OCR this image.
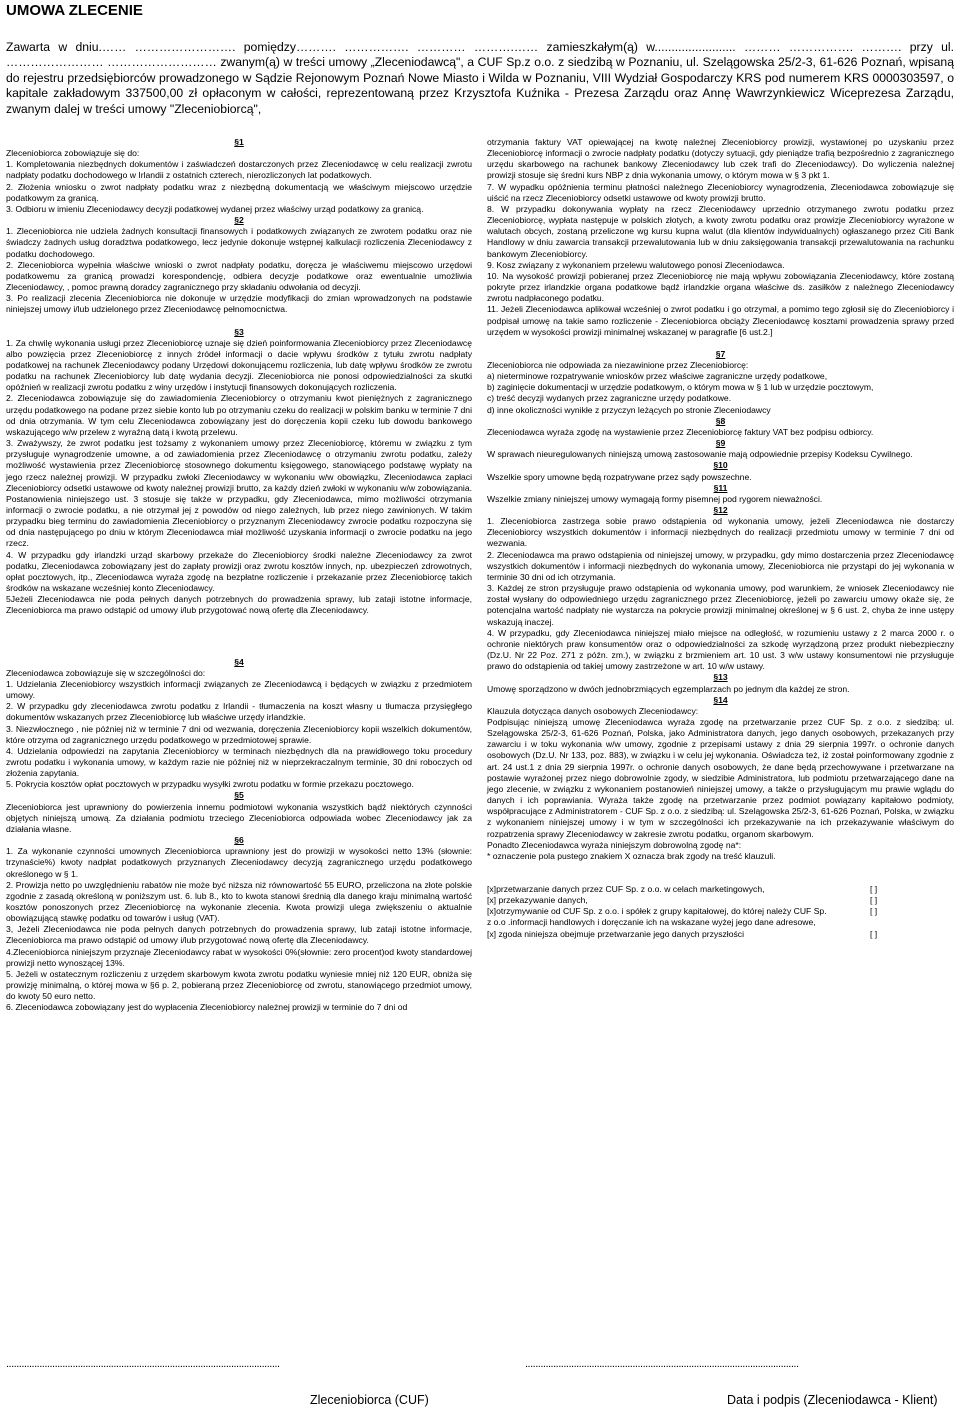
UMOWA ZLECENIE
Zawarta w dniu.…… ……………………. pomiędzy………. ……………. ………… ……….…… zamieszkałym(ą) w........................ ……… ……………. ………. przy ul. …………………… ……………………… zwanym(ą) w treści umowy „Zleceniodawcą", a CUF Sp.z o.o. z siedzibą w Poznaniu, ul. Szelągowska 25/2-3, 61-626 Poznań, wpisaną do rejestru przedsiębiorców prowadzonego w Sądzie Rejonowym Poznań Nowe Miasto i Wilda w Poznaniu, VIII Wydział Gospodarczy KRS pod numerem KRS 0000303597, o kapitale zakładowym 337500,00 zł opłaconym w całości, reprezentowaną przez Krzysztofa Kuźnika - Prezesa Zarządu oraz Annę Wawrzynkiewicz Wiceprezesa Zarządu, zwanym dalej w treści umowy "Zleceniobiorcą",
§1

Zleceniobiorca zobowiązuje się do:

1. Kompletowania niezbędnych dokumentów i zaświadczeń dostarczonych przez Zleceniodawcę w celu realizacji zwrotu nadpłaty podatku dochodowego w Irlandii z ostatnich czterech, nierozliczonych lat podatkowych.

2. Złożenia wniosku o zwrot nadpłaty podatku wraz z niezbędną dokumentacją we właściwym miejscowo urzędzie podatkowym za granicą.

3. Odbioru w imieniu Zleceniodawcy decyzji podatkowej wydanej przez właściwy urząd podatkowy za granicą.

§2

1. Zleceniobiorca nie udziela żadnych konsultacji finansowych i podatkowych związanych ze zwrotem podatku oraz nie świadczy żadnych usług doradztwa podatkowego, lecz jedynie dokonuje wstępnej kalkulacji rozliczenia Zleceniodawcy z podatku dochodowego.

2. Zleceniobiorca wypełnia właściwe wnioski o zwrot nadpłaty podatku, doręcza je właściwemu miejscowo urzędowi podatkowemu za granicą prowadzi korespondencję, odbiera decyzje podatkowe oraz ewentualnie umożliwia Zleceniodawcy, , pomoc prawną doradcy zagranicznego przy składaniu odwołania od decyzji.

3. Po realizacji zlecenia Zleceniobiorca nie dokonuje w urzędzie modyfikacji do zmian wprowadzonych na podstawie niniejszej umowy i/lub udzielonego przez Zleceniodawcę pełnomocnictwa.

§3

1. Za chwilę wykonania usługi przez Zleceniobiorcę uznaje się dzień poinformowania Zleceniobiorcy przez Zleceniodawcę albo powzięcia przez Zleceniobiorcę z innych źródeł informacji o dacie wpływu środków z tytułu zwrotu nadpłaty podatkowej na rachunek Zleceniodawcy podany Urzędowi dokonującemu rozliczenia, lub datę wpływu środków ze zwrotu podatku na rachunek Zleceniobiorcy lub datę wydania decyzji. Zleceniobiorca nie ponosi odpowiedzialności za skutki opóźnień w realizacji zwrotu podatku z winy urzędów i instytucji finansowych dokonujących rozliczenia.

2. Zleceniodawca zobowiązuje się do zawiadomienia Zleceniobiorcy o otrzymaniu kwot pieniężnych z zagranicznego urzędu podatkowego na podane przez siebie konto lub po otrzymaniu czeku do realizacji w polskim banku w terminie 7 dni od dnia otrzymania. W tym celu Zleceniodawca zobowiązany jest do doręczenia kopii czeku lub dowodu bankowego wskazującego w/w przelew z wyraźną datą i kwotą przelewu.

3. Zważywszy, że zwrot podatku jest tożsamy z wykonaniem umowy przez Zleceniobiorcę, któremu w związku z tym przysługuje wynagrodzenie umowne, a od zawiadomienia przez Zleceniodawcę o otrzymaniu zwrotu podatku, zależy możliwość wystawienia przez Zleceniobiorcę stosownego dokumentu księgowego, stanowiącego podstawę wypłaty na jego rzecz należnej prowizji. W przypadku zwłoki Zleceniodawcy w wykonaniu w/w obowiązku, Zleceniodawca zapłaci Zleceniobiorcy odsetki ustawowe od kwoty należnej prowizji brutto, za każdy dzień zwłoki w wykonaniu w/w zobowiązania. Postanowienia niniejszego ust. 3 stosuje się także w przypadku, gdy Zleceniodawca, mimo możliwości otrzymania informacji o zwrocie podatku, a nie otrzymał jej z powodów od niego zależnych, lub przez niego zawinionych. W takim przypadku bieg terminu do zawiadomienia Zleceniobiorcy o przyznanym Zleceniodawcy zwrocie podatku rozpoczyna się od dnia następującego po dniu w którym Zleceniodawca miał możliwość uzyskania informacji o zwrocie podatku na jego rzecz.

4. W przypadku gdy irlandzki urząd skarbowy przekaże do Zleceniobiorcy środki należne Zleceniodawcy za zwrot podatku, Zleceniodawca zobowiązany jest do zapłaty prowizji oraz zwrotu kosztów innych, np. ubezpieczeń zdrowotnych, opłat pocztowych, itp., Zleceniodawca wyraża zgodę na bezpłatne rozliczenie i przekazanie przez Zleceniobiorcę takich środków na wskazane wcześniej konto Zleceniodawcy.

5Jeżeli Zleceniodawca nie poda pełnych danych potrzebnych do prowadzenia sprawy, lub zataji istotne informacje, Zleceniobiorca ma prawo odstąpić od umowy i/lub przygotować nową ofertę dla Zleceniodawcy.

§4

Zleceniodawca zobowiązuje się w szczególności do:

1. Udzielania Zleceniobiorcy wszystkich informacji związanych ze Zleceniodawcą i będących w związku z przedmiotem umowy.

2. W przypadku gdy zleceniodawca zwrotu podatku z Irlandii - tłumaczenia na koszt własny u tłumacza przysięgłego dokumentów wskazanych przez Zleceniobiorcę lub właściwe urzędy irlandzkie.

3. Niezwłocznego , nie później niż w terminie 7 dni od wezwania, doręczenia Zleceniobiorcy kopii wszelkich dokumentów, które otrzyma od zagranicznego urzędu podatkowego w przedmiotowej sprawie.

4. Udzielania odpowiedzi na zapytania Zleceniobiorcy w terminach niezbędnych dla na prawidłowego toku procedury zwrotu podatku i wykonania umowy, w każdym razie nie później niż w nieprzekraczalnym terminie, 30 dni roboczych od złożenia zapytania.

5. Pokrycia kosztów opłat pocztowych w przypadku wysyłki zwrotu podatku w formie przekazu pocztowego.

§5

Zleceniobiorca jest uprawniony do powierzenia innemu podmiotowi wykonania wszystkich bądź niektórych czynności objętych niniejszą umową. Za działania podmiotu trzeciego Zleceniobiorca odpowiada wobec Zleceniodawcy jak za działania własne.

§6

1. Za wykonanie czynności umownych Zleceniobiorca uprawniony jest do prowizji w wysokości netto 13% (słownie: trzynaście%) kwoty nadpłat podatkowych przyznanych Zleceniodawcy decyzją zagranicznego urzędu podatkowego określonego w § 1.

2. Prowizja netto po uwzględnieniu rabatów nie może być niższa niż równowartość 55 EURO, przeliczona na złote polskie zgodnie z zasadą określoną w poniższym ust. 6. lub 8., kto to kwota stanowi średnią dla danego kraju minimalną wartość kosztów ponoszonych przez Zleceniobiorcę na wykonanie zlecenia. Kwota prowizji ulega zwiększeniu o aktualnie obowiązującą stawkę podatku od towarów i usług (VAT).

3, Jeżeli Zleceniodawca nie poda pełnych danych potrzebnych do prowadzenia sprawy, lub zataji istotne informacje, Zleceniobiorca ma prawo odstąpić od umowy i/lub przygotować nową ofertę dla Zleceniodawcy.

4.Zleceniobiorca niniejszym przyznaje Zleceniodawcy rabat w wysokości 0%(słownie: zero procent)od kwoty standardowej prowizji netto wynoszącej 13%.

5. Jeżeli w ostatecznym rozliczeniu z urzędem skarbowym kwota zwrotu podatku wyniesie mniej niż 120 EUR, obniża się prowizję minimalną, o której mowa w §6 p. 2, pobieraną przez Zleceniobiorcę od zwrotu, stanowiącego przedmiot umowy, do kwoty 50 euro netto.

6. Zleceniodawca zobowiązany jest do wypłacenia Zleceniobiorcy należnej prowizji w terminie do 7 dni od

otrzymania faktury VAT opiewającej na kwotę należnej Zleceniobiorcy prowizji, wystawionej po uzyskaniu przez Zleceniobiorcę informacji o zwrocie nadpłaty podatku (dotyczy sytuacji, gdy pieniądze trafią bezpośrednio z zagranicznego urzędu skarbowego na rachunek bankowy Zleceniodawcy lub czek trafi do Zleceniodawcy). Do wyliczenia należnej prowizji stosuje się średni kurs NBP z dnia wykonania umowy, o którym mowa w § 3 pkt 1.

7. W wypadku opóźnienia terminu płatności należnego Zleceniobiorcy wynagrodzenia, Zleceniodawca zobowiązuje się uiścić na rzecz Zleceniobiorcy odsetki ustawowe od kwoty prowizji brutto.

8. W przypadku dokonywania wypłaty na rzecz Zleceniodawcy uprzednio otrzymanego zwrotu podatku przez Zleceniobiorcę, wypłata następuje w polskich złotych, a kwoty zwrotu podatku oraz prowizje Zleceniobiorcy wyrażone w walutach obcych, zostaną przeliczone wg kursu kupna walut (dla klientów indywidualnych) ogłaszanego przez Citi Bank Handlowy w dniu zawarcia transakcji przewalutowania lub w dniu zaksięgowania transakcji przewalutowania na rachunku bankowym Zleceniobiorcy.

9. Kosz związany z wykonaniem przelewu walutowego ponosi Zleceniodawca.

10. Na wysokość prowizji pobieranej przez Zleceniobiorcę nie mają wpływu zobowiązania Zleceniodawcy, które zostaną pokryte przez irlandzkie organa podatkowe bądź irlandzkie organa właściwe ds. zasiłków z należnego Zleceniodawcy zwrotu nadpłaconego podatku.

11. Jeżeli Zleceniodawca aplikował wcześniej o zwrot podatku i go otrzymał, a pomimo tego zgłosił się do Zleceniobiorcy i podpisał umowę na takie samo rozliczenie - Zleceniobiorca obciąży Zleceniodawcę kosztami prowadzenia sprawy przed urzędem w wysokości prowizji minimalnej wskazanej w paragrafie [6 ust.2.]

§7

Zleceniobiorca nie odpowiada za niezawinione przez Zleceniobiorcę:

a) nieterminowe rozpatrywanie wniosków przez właściwe zagraniczne urzędy podatkowe,

b) zaginięcie dokumentacji w urzędzie podatkowym, o którym mowa w § 1 lub w urzędzie pocztowym,

c) treść decyzji wydanych przez zagraniczne urzędy podatkowe.

d) inne okoliczności wynikłe z przyczyn leżących po stronie Zleceniodawcy

§8

Zleceniodawca wyraża zgodę na wystawienie przez Zleceniobiorcę faktury VAT bez podpisu odbiorcy.

§9

W sprawach nieuregulowanych niniejszą umową zastosowanie mają odpowiednie przepisy Kodeksu Cywilnego.

§10

Wszelkie spory umowne będą rozpatrywane przez sądy powszechne.

§11

Wszelkie zmiany niniejszej umowy wymagają formy pisemnej pod rygorem nieważności.

§12

1. Zleceniobiorca zastrzega sobie prawo odstąpienia od wykonania umowy, jeżeli Zleceniodawca nie dostarczy Zleceniobiorcy wszystkich dokumentów i informacji niezbędnych do realizacji przedmiotu umowy w terminie 7 dni od wezwania.

2. Zleceniodawca ma prawo odstąpienia od niniejszej umowy, w przypadku, gdy mimo dostarczenia przez Zleceniodawcę wszystkich dokumentów i informacji niezbędnych do wykonania umowy, Zleceniobiorca nie przystąpi do jej wykonania w terminie 30 dni od ich otrzymania.

3. Każdej ze stron przysługuje prawo odstąpienia od wykonania umowy, pod warunkiem, że wniosek Zleceniodawcy nie został wysłany do odpowiedniego urzędu zagranicznego przez Zleceniobiorcę, jeżeli po zawarciu umowy okaże się, że potencjalna wartość nadpłaty nie wystarcza na pokrycie prowizji minimalnej określonej w § 6 ust. 2, chyba że inne ustępy wskazują inaczej.

4. W przypadku, gdy Zleceniodawca niniejszej miało miejsce na odległość, w rozumieniu ustawy z 2 marca 2000 r. o ochronie niektórych praw konsumentów oraz o odpowiedzialności za szkodę wyrządzoną przez produkt niebezpieczny (Dz.U. Nr 22 Poz. 271 z późn. zm.), w związku z brzmieniem art. 10 ust. 3 w/w ustawy konsumentowi nie przysługuje prawo do odstąpienia od takiej umowy zastrzeżone w art. 10 w/w ustawy.

§13

Umowę sporządzono w dwóch jednobrzmiących egzemplarzach po jednym dla każdej ze stron.

§14

Klauzula dotycząca danych osobowych Zleceniodawcy:

Podpisując niniejszą umowę Zleceniodawca wyraża zgodę na przetwarzanie przez CUF Sp. z o.o. z siedzibą: ul. Szelągowska 25/2-3, 61-626 Poznań, Polska, jako Administratora danych, jego danych osobowych, przekazanych przy zawarciu i w toku wykonania w/w umowy, zgodnie z przepisami ustawy z dnia 29 sierpnia 1997r. o ochronie danych osobowych (Dz.U. Nr 133, poz. 883), w związku i w celu jej wykonania. Oświadcza też, iż został poinformowany zgodnie z art. 24 ust.1 z dnia 29 sierpnia 1997r. o ochronie danych osobowych, że dane będą przechowywane i przetwarzane na postawie wyrażonej przez niego dobrowolnie zgody, w siedzibie Administratora, lub podmiotu przetwarzającego dane na jego zlecenie, w związku z wykonaniem postanowień niniejszej umowy, a także o przysługującym mu prawie wglądu do danych i ich poprawiania. Wyraża także zgodę na przetwarzanie przez podmiot powiązany kapitałowo podmioty, współpracujące z Administratorem - CUF Sp. z o.o. z siedzibą: ul. Szelągowska 25/2-3, 61-626 Poznań, Polska, w związku z wykonaniem niniejszej umowy i w tym w szczególności ich przekazywanie na ich przekazywanie właściwym do rozpatrzenia sprawy Zleceniodawcy w zakresie zwrotu podatku, organom skarbowym.

Ponadto Zleceniodawca wyraża niniejszym dobrowolną zgodę na*:

* oznaczenie pola pustego znakiem X oznacza brak zgody na treść klauzuli.

[x]przetwarzanie danych przez CUF Sp. z o.o. w celach marketingowych,	[ ]
[x] przekazywanie danych,	[ ]
[x]otrzymywanie od CUF Sp. z o.o. i spółek z grupy kapitałowej, do której należy CUF Sp. z o.o .informacji handlowych i doręczanie ich na wskazane wyżej jego dane adresowe,
[ ]
[x] zgoda niniejsza obejmuje przetwarzanie jego danych przyszłości	[ ]
...........................................................................................................	...........................................................................................................
Zleceniobiorca (CUF)	Data i podpis (Zleceniodawca - Klient)
